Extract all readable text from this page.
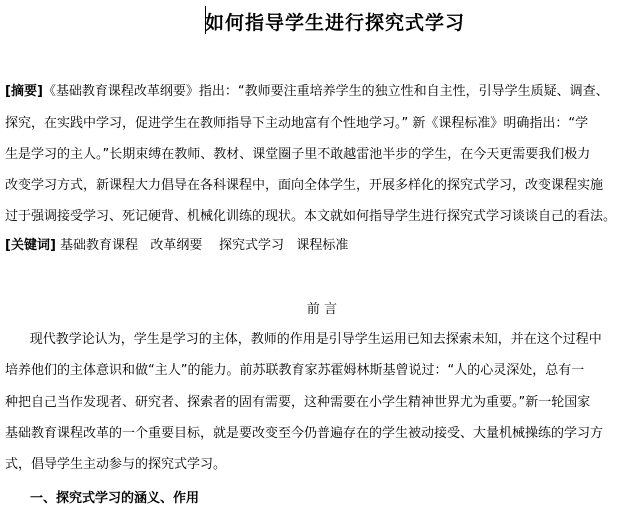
如何指导学生进行探究式学习
[摘要]《基础教育课程改革纲要》指出：“教师要注重培养学生的独立性和自主性，引导学生质疑、调查、
探究，在实践中学习，促进学生在教师指导下主动地富有个性地学习。” 新《课程标准》明确指出：“学
生是学习的主人。”长期束缚在教师、教材、课堂圈子里不敢越雷池半步的学生，在今天更需要我们极力
改变学习方式，新课程大力倡导在各科课程中，面向全体学生，开展多样化的探究式学习，改变课程实施
过于强调接受学习、死记硬背、机械化训练的现状。本文就如何指导学生进行探究式学习谈谈自己的看法。
[关键词] 基础教育课程   改革纲要    探究式学习   课程标准
前 言
现代教学论认为，学生是学习的主体，教师的作用是引导学生运用已知去探索未知，并在这个过程中
培养他们的主体意识和做“主人”的能力。前苏联教育家苏霍姆林斯基曾说过：“人的心灵深处，总有一
种把自己当作发现者、研究者、探索者的固有需要，这种需要在小学生精神世界尤为重要。”新一轮国家
基础教育课程改革的一个重要目标，就是要改变至今仍普遍存在的学生被动接受、大量机械操练的学习方
式，倡导学生主动参与的探究式学习。
一、探究式学习的涵义、作用
